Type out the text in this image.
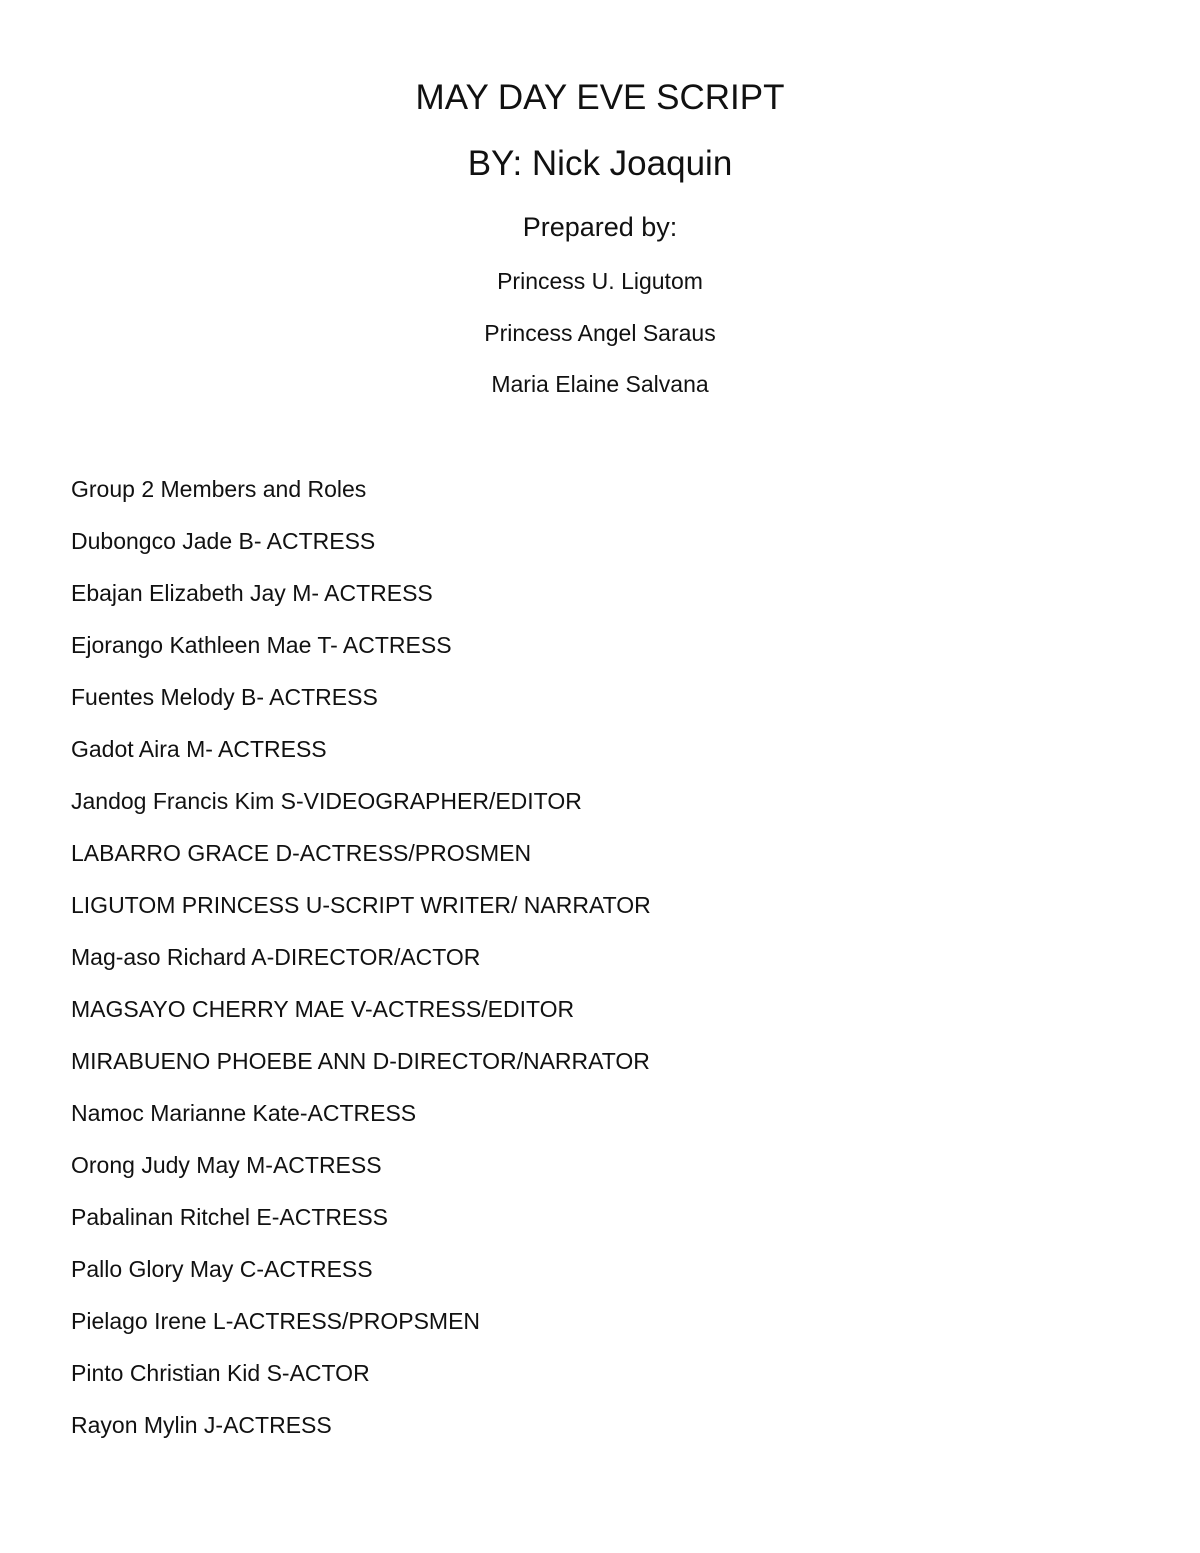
MAY DAY EVE SCRIPT
BY: Nick Joaquin
Prepared by:
Princess U. Ligutom
Princess Angel Saraus
Maria Elaine Salvana
Group 2 Members and Roles
Dubongco Jade B- ACTRESS
Ebajan Elizabeth Jay M- ACTRESS
Ejorango Kathleen Mae T- ACTRESS
Fuentes Melody B- ACTRESS
Gadot Aira M- ACTRESS
Jandog Francis Kim S-VIDEOGRAPHER/EDITOR
LABARRO GRACE D-ACTRESS/PROSMEN
LIGUTOM PRINCESS U-SCRIPT WRITER/ NARRATOR
Mag-aso Richard A-DIRECTOR/ACTOR
MAGSAYO CHERRY MAE V-ACTRESS/EDITOR
MIRABUENO PHOEBE ANN D-DIRECTOR/NARRATOR
Namoc Marianne Kate-ACTRESS
Orong Judy May M-ACTRESS
Pabalinan Ritchel E-ACTRESS
Pallo Glory May C-ACTRESS
Pielago Irene L-ACTRESS/PROPSMEN
Pinto Christian Kid S-ACTOR
Rayon Mylin J-ACTRESS
